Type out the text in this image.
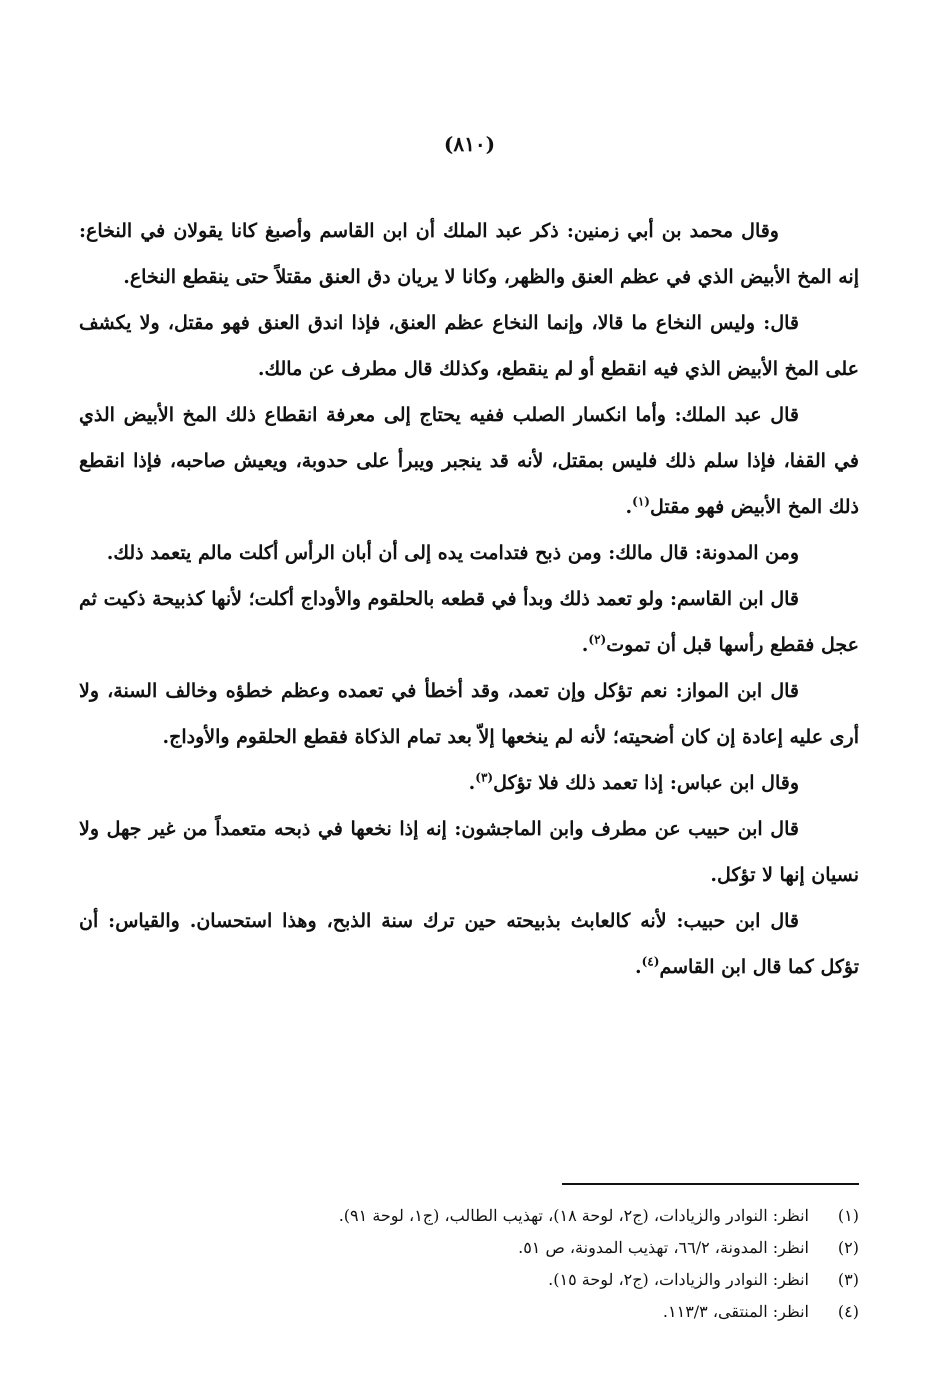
(٨١٠)

وقال محمد بن أبي زمنين: ذكر عبد الملك أن ابن القاسم وأصبغ كانا يقولان في النخاع: إنه المخ الأبيض الذي في عظم العنق والظهر، وكانا لا يريان دق العنق مقتلاً حتى ينقطع النخاع.

قال: وليس النخاع ما قالا، وإنما النخاع عظم العنق، فإذا اندق العنق فهو مقتل، ولا يكشف على المخ الأبيض الذي فيه انقطع أو لم ينقطع، وكذلك قال مطرف عن مالك.

قال عبد الملك: وأما انكسار الصلب ففيه يحتاج إلى معرفة انقطاع ذلك المخ الأبيض الذي في القفا، فإذا سلم ذلك فليس بمقتل، لأنه قد ينجبر ويبرأ على حدوبة، ويعيش صاحبه، فإذا انقطع ذلك المخ الأبيض فهو مقتل$^{(١)}$.

ومن المدونة: قال مالك: ومن ذبح فتدامت يده إلى أن أبان الرأس أكلت مالم يتعمد ذلك.

قال ابن القاسم: ولو تعمد ذلك وبدأ في قطعه بالحلقوم والأوداج أكلت؛ لأنها كذبيحة ذكيت ثم عجل فقطع رأسها قبل أن تموت$^{(٢)}$.

قال ابن المواز: نعم تؤكل وإن تعمد، وقد أخطأ في تعمده وعظم خطؤه وخالف السنة، ولا أرى عليه إعادة إن كان أضحيته؛ لأنه لم ينخعها إلاّ بعد تمام الذكاة فقطع الحلقوم والأوداج.

وقال ابن عباس: إذا تعمد ذلك فلا تؤكل$^{(٣)}$.

قال ابن حبيب عن مطرف وابن الماجشون: إنه إذا نخعها في ذبحه متعمداً من غير جهل ولا نسيان إنها لا تؤكل.

قال ابن حبيب: لأنه كالعابث بذبيحته حين ترك سنة الذبح، وهذا استحسان. والقياس: أن تؤكل كما قال ابن القاسم$^{(٤)}$.

(١)
انظر: النوادر والزيادات، (ج٢، لوحة ١٨)، تهذيب الطالب، (ج١، لوحة ٩١).
(٢)
انظر: المدونة، ٦٦/٢، تهذيب المدونة، ص ٥١.
(٣)
انظر: النوادر والزيادات، (ج٢، لوحة ١٥).
(٤)
انظر: المنتقى، ١١٣/٣.
